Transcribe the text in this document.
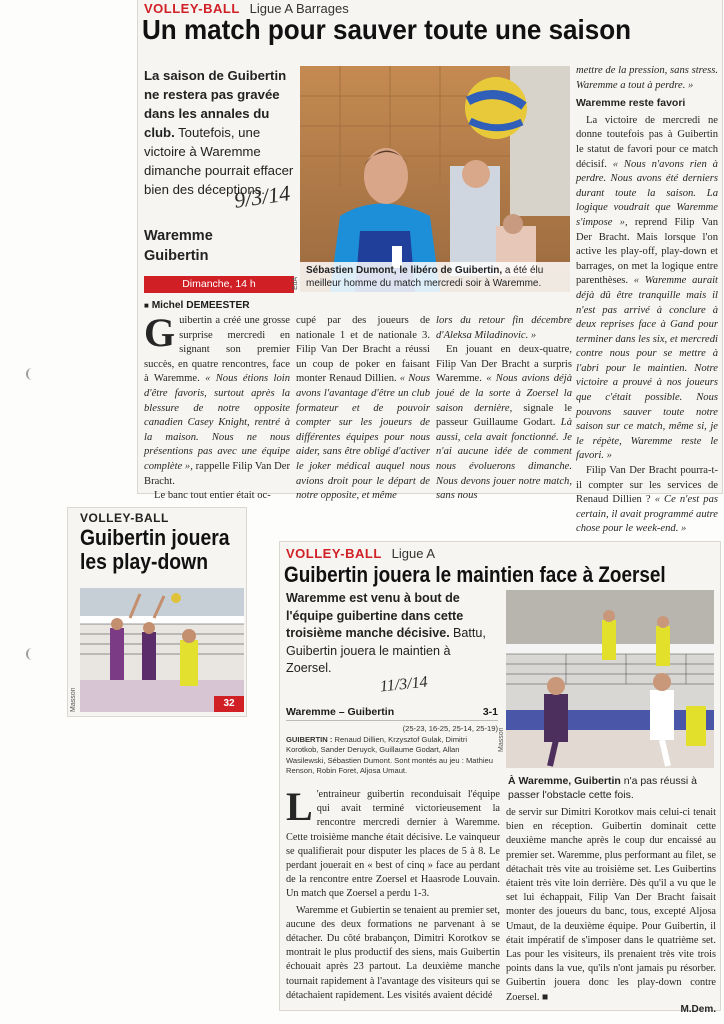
VOLLEY-BALL Ligue A Barrages
Un match pour sauver toute une saison
La saison de Guibertin ne restera pas gravée dans les annales du club. Toutefois, une victoire à Waremme dimanche pourrait effacer bien des déceptions.
9/3/14
Waremme
Guibertin
Dimanche, 14 h
■ Michel DEMEESTER
Sébastien Dumont, le libéro de Guibertin, a été élu meilleur homme du match mercredi soir à Waremme.
EdA

mettre de la pression, sans stress. Waremme a tout à perdre. »

Waremme reste favori

La victoire de mercredi ne donne toutefois pas à Guibertin le statut de favori pour ce match décisif. « Nous n'avons rien à perdre. Nous avons été derniers durant toute la saison. La logique voudrait que Waremme s'impose », reprend Filip Van Der Bracht. Mais lorsque l'on active les play-off, play-down et barrages, on met la logique entre parenthèses. « Waremme aurait déjà dû être tranquille mais il n'est pas arrivé à conclure à deux reprises face à Gand pour terminer dans les six, et mercredi contre nous pour se mettre à l'abri pour le maintien. Notre victoire a prouvé à nos joueurs que c'était possible. Nous pouvons sauver toute notre saison sur ce match, même si, je le répète, Waremme reste le favori. »

Filip Van Der Bracht pourra-t-il compter sur les services de Renaud Dillien ? « Ce n'est pas certain, il avait programmé autre chose pour le week-end. »

G uibertin a créé une grosse surprise mercredi en signant son premier succès, en quatre rencontres, face à Waremme. « Nous étions loin d'être favoris, surtout après la blessure de notre opposite canadien Casey Knight, rentré à la maison. Nous ne nous présentions pas avec une équipe complète », rappelle Filip Van Der Bracht.

Le banc tout entier était oc-

cupé par des joueurs de nationale 1 et de nationale 3. Filip Van Der Bracht a réussi un coup de poker en faisant monter Renaud Dillien. « Nous avons l'avantage d'être un club formateur et de pouvoir compter sur les joueurs de différentes équipes pour nous aider, sans être obligé d'activer le joker médical auquel nous avions droit pour le départ de notre opposite, et même

lors du retour fin décembre d'Aleksa Miladinovic. »

En jouant en deux-quatre, Filip Van Der Bracht a surpris Waremme. « Nous avions déjà joué de la sorte à Zoersel la saison dernière, signale le passeur Guillaume Godart. Là aussi, cela avait fonctionné. Je n'ai aucune idée de comment nous évoluerons dimanche. Nous devons jouer notre match, sans nous

VOLLEY-BALL
Guibertin jouera
les play-down
32
Masson
VOLLEY-BALL Ligue A
Guibertin jouera le maintien face à Zoersel
Waremme est venu à bout de l'équipe guibertine dans cette troisième manche décisive. Battu, Guibertin jouera le maintien à Zoersel.
11/3/14
Waremme – Guibertin	3-1
(25-23, 16-25, 25-14, 25-19)
GUIBERTIN : Renaud Dillien, Krzysztof Gulak, Dimitri Korotkob, Sander Deruyck, Guillaume Godart, Allan Wasilewski, Sébastien Dumont. Sont montés au jeu : Mathieu Renson, Robin Foret, Aljosa Umaut.
Masson
À Waremme, Guibertin n'a pas réussi à passer l'obstacle cette fois.
L 'entraineur guibertin reconduisait l'équipe qui avait terminé victorieusement la rencontre mercredi dernier à Waremme. Cette troisième manche était décisive. Le vainqueur se qualifierait pour disputer les places de 5 à 8. Le perdant jouerait en « best of cinq » face au perdant de la rencontre entre Zoersel et Haasrode Louvain. Un match que Zoersel a perdu 1-3.

Waremme et Gubiertin se tenaient au premier set, aucune des deux formations ne parvenant à se détacher. Du côté brabançon, Dimitri Korotkov se montrait le plus productif des siens, mais Guibertin échouait après 23 partout. La deuxième manche tournait rapidement à l'avantage des visiteurs qui se détachaient rapidement. Les visités avaient décidé

de servir sur Dimitri Korotkov mais celui-ci tenait bien en réception. Guibertin dominait cette deuxième manche après le coup dur encaissé au premier set. Waremme, plus performant au filet, se détachait très vite au troisième set. Les Guibertins étaient très vite loin derrière. Dès qu'il a vu que le set lui échappait, Filip Van Der Bracht faisait monter des joueurs du banc, tous, excepté Aljosa Umaut, de la deuxième équipe. Pour Guibertin, il était impératif de s'imposer dans le quatrième set. Las pour les visiteurs, ils prenaient très vite trois points dans la vue, qu'ils n'ont jamais pu résorber. Guibertin jouera donc les play-down contre Zoersel. ■
M.Dem.
